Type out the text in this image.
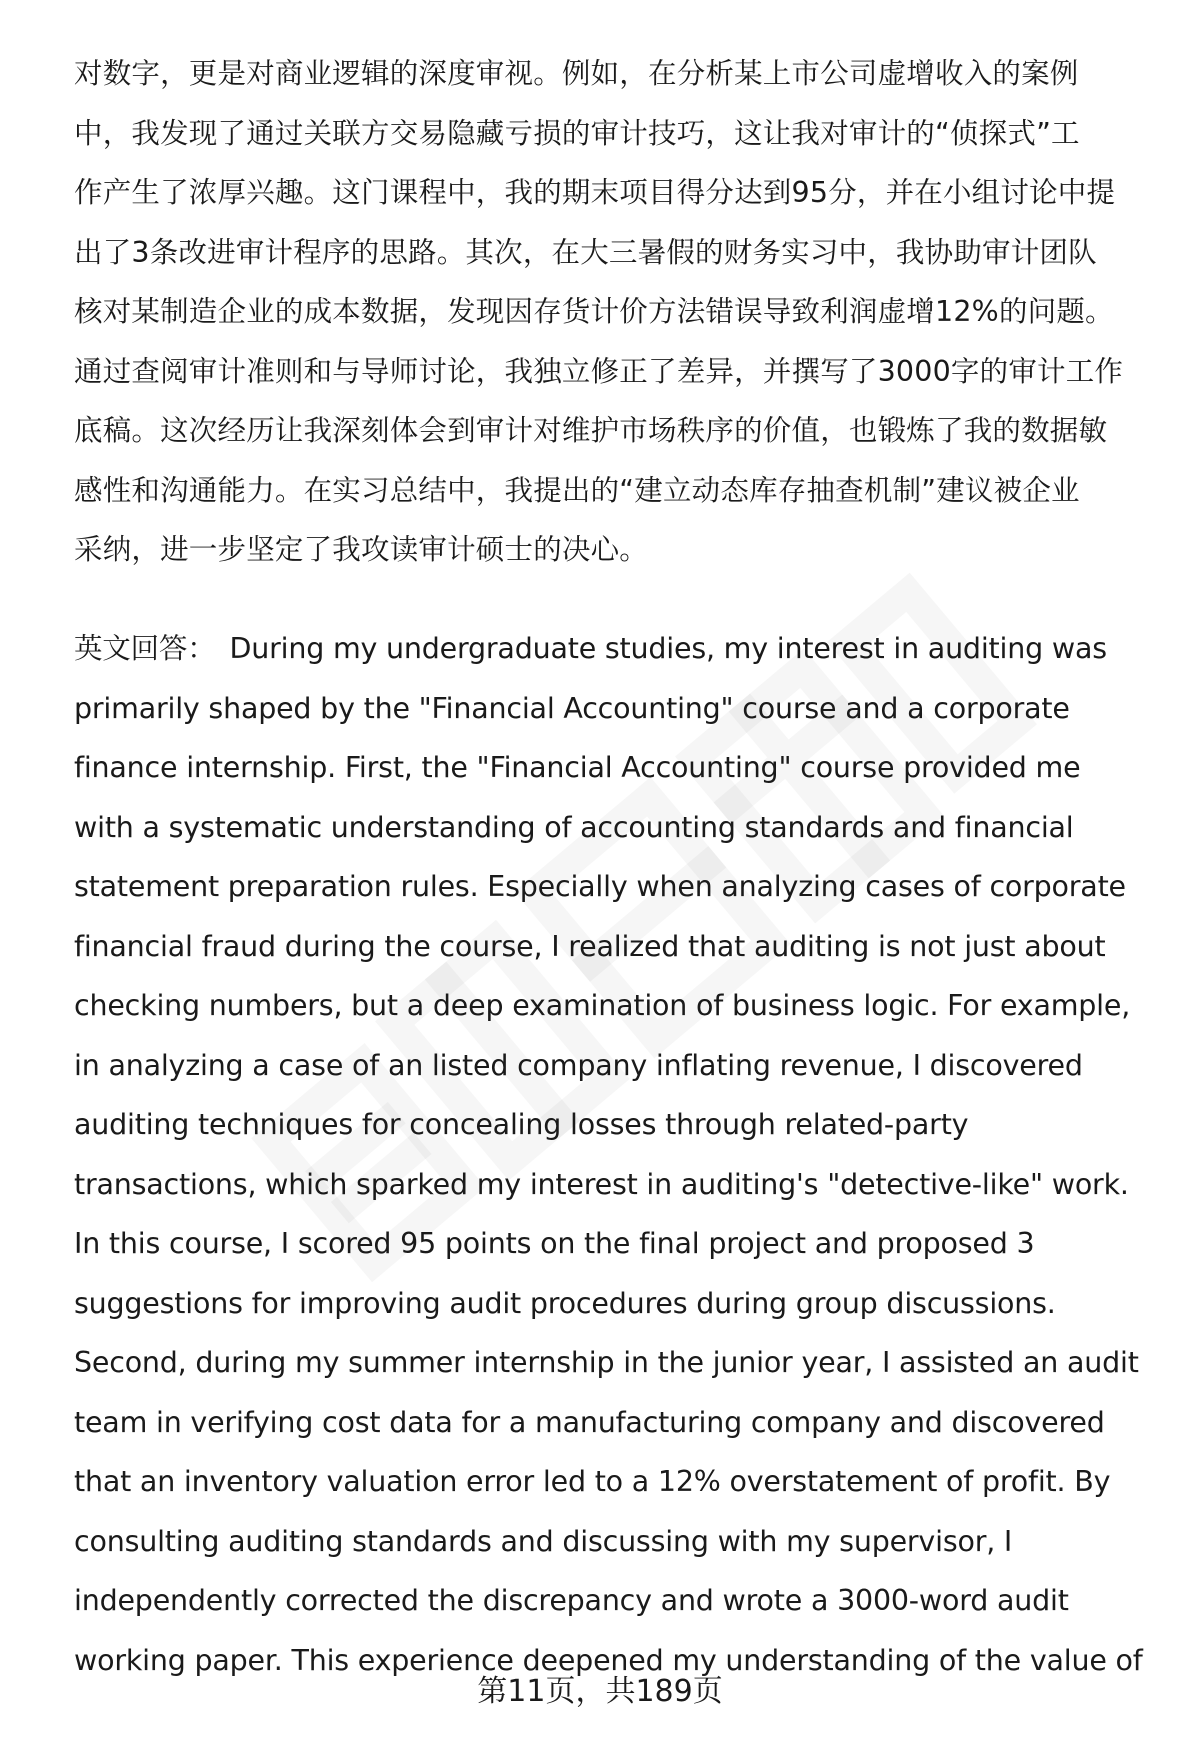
对数字，更是对商业逻辑的深度审视。例如，在分析某上市公司虚增收入的案例
中，我发现了通过关联方交易隐藏亏损的审计技巧，这让我对审计的“侦探式”工
作产生了浓厚兴趣。这门课程中，我的期末项目得分达到95分，并在小组讨论中提
出了3条改进审计程序的思路。其次，在大三暑假的财务实习中，我协助审计团队
核对某制造企业的成本数据，发现因存货计价方法错误导致利润虚增12%的问题。
通过查阅审计准则和与导师讨论，我独立修正了差异，并撰写了3000字的审计工作
底稿。这次经历让我深刻体会到审计对维护市场秩序的价值，也锻炼了我的数据敏
感性和沟通能力。在实习总结中，我提出的“建立动态库存抽查机制”建议被企业
采纳，进一步坚定了我攻读审计硕士的决心。
英文回答： During my undergraduate studies, my interest in auditing was
primarily shaped by the "Financial Accounting" course and a corporate
finance internship. First, the "Financial Accounting" course provided me
with a systematic understanding of accounting standards and financial
statement preparation rules. Especially when analyzing cases of corporate
financial fraud during the course, I realized that auditing is not just about
checking numbers, but a deep examination of business logic. For example,
in analyzing a case of an listed company inflating revenue, I discovered
auditing techniques for concealing losses through related-party
transactions, which sparked my interest in auditing's "detective-like" work.
In this course, I scored 95 points on the final project and proposed 3
suggestions for improving audit procedures during group discussions.
Second, during my summer internship in the junior year, I assisted an audit
team in verifying cost data for a manufacturing company and discovered
that an inventory valuation error led to a 12% overstatement of profit. By
consulting auditing standards and discussing with my supervisor, I
independently corrected the discrepancy and wrote a 3000-word audit
working paper. This experience deepened my understanding of the value of
第11页，共189页
